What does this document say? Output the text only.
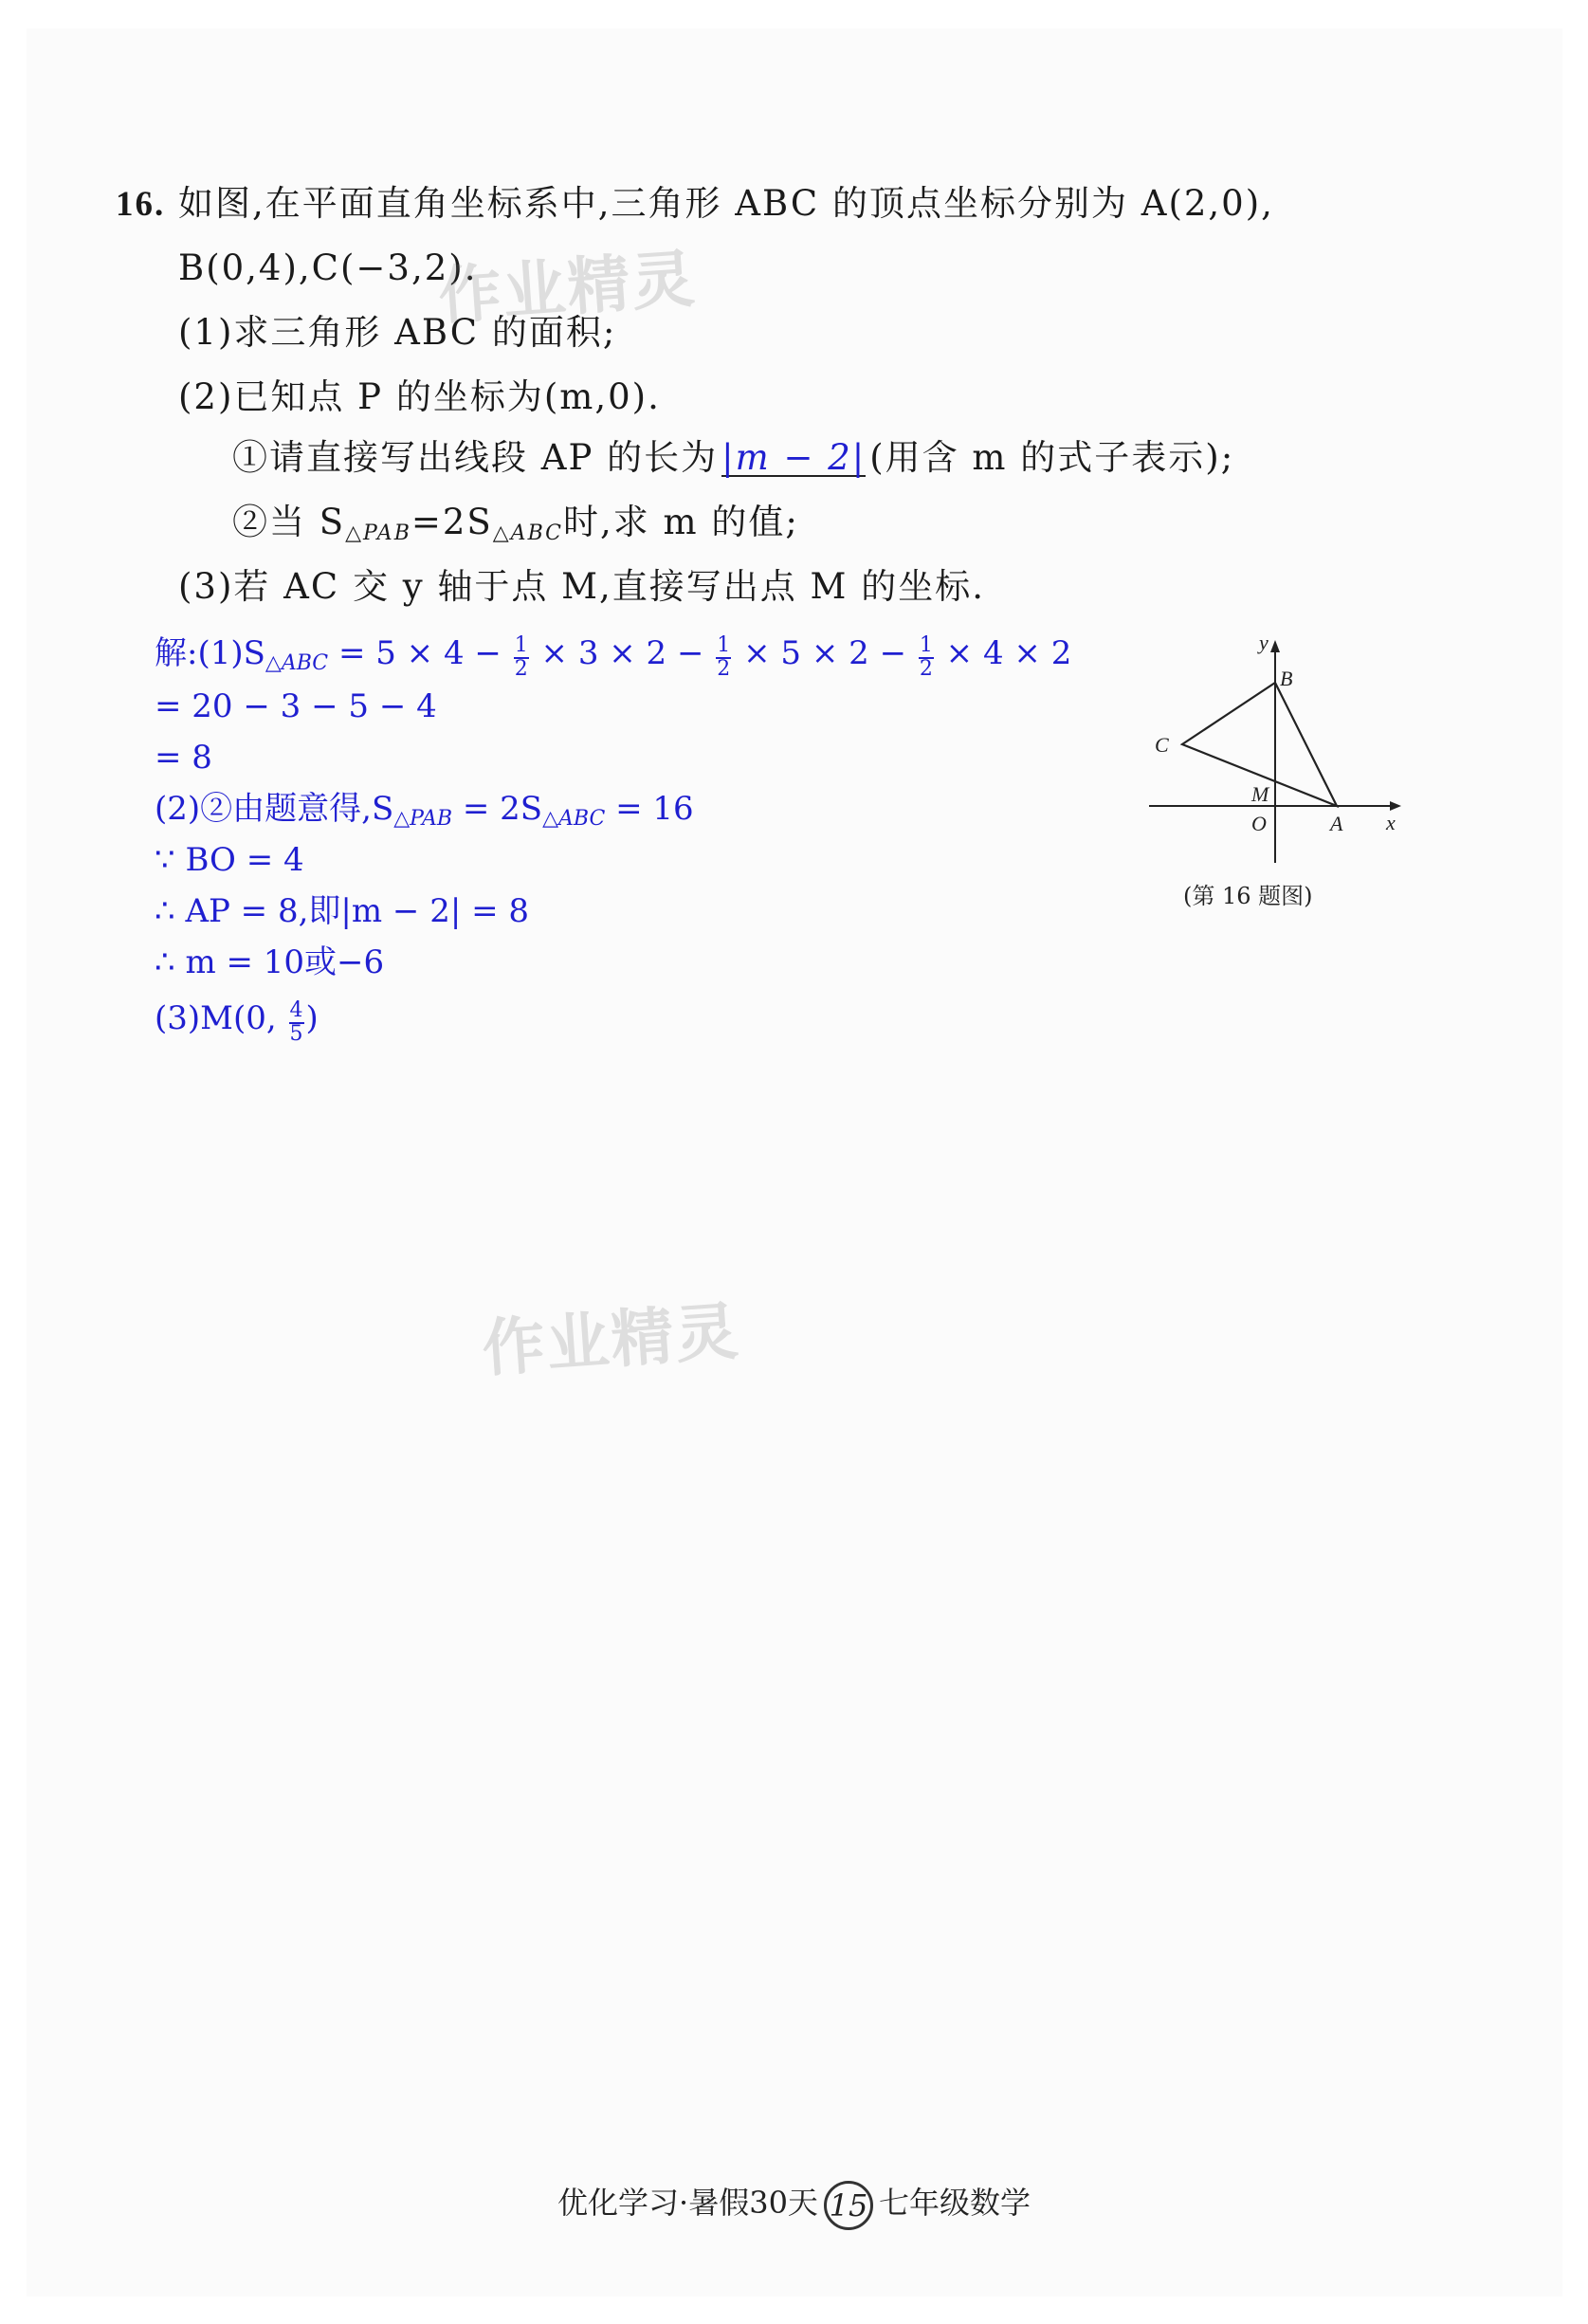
16. 如图,在平面直角坐标系中,三角形 ABC 的顶点坐标分别为 A(2,0),
B(0,4),C(−3,2).
(1)求三角形 ABC 的面积;
(2)已知点 P 的坐标为(m,0).
①请直接写出线段 AP 的长为 |m − 2| (用含 m 的式子表示);
②当 $S_{\triangle PAB}=2S_{\triangle ABC}$时,求 m 的值;
(3)若 AC 交 y 轴于点 M,直接写出点 M 的坐标.
解$:(1)S_{\triangle ABC} = 5 \times 4 - \frac{1}{2} \times 3 \times 2 - \frac{1}{2} \times 5 \times 2 - \frac{1}{2} \times 4 \times 2$
= 20 − 3 − 5 − 4
= 8
(2)②由题意得$,S_{\triangle PAB} = 2S_{\triangle ABC} = 16$
∵ BO = 4
∴ AP = 8,即|m − 2| = 8
∴ m = 10或−6
(3)M(0, $\frac{4}{5}$ )
y
x
B
C
M
O	A
(第 16 题图)
作业精灵
作业精灵
优化学习·暑假30天 15 七年级数学
